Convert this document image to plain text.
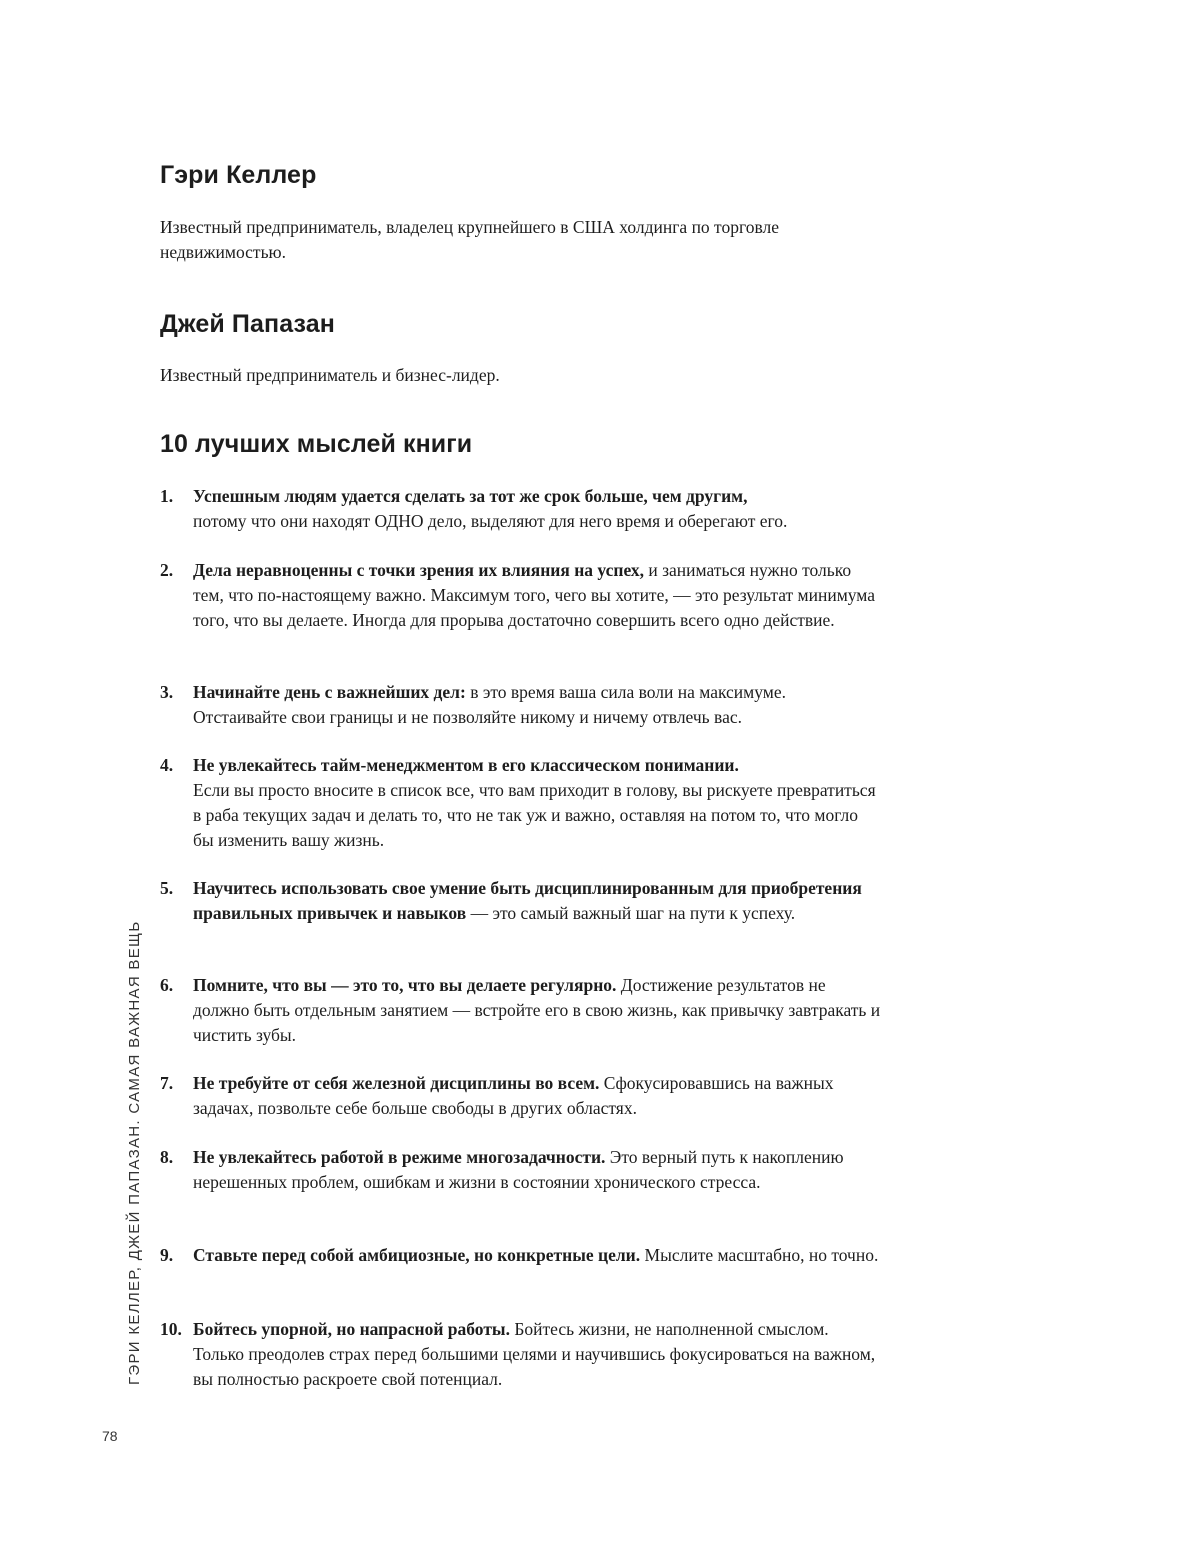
Гэри Келлер

Известный предприниматель, владелец крупнейшего в США холдинга по торговле недвижимостью.

Джей Папазан

Известный предприниматель и бизнес-лидер.

10 лучших мыслей книги
1. Успешным людям удается сделать за тот же срок больше, чем другим,
потому что они находят ОДНО дело, выделяют для него время и оберегают его.
2. Дела неравноценны с точки зрения их влияния на успех, и заниматься нужно только тем, что по-настоящему важно. Максимум того, чего вы хотите, — это результат минимума того, что вы делаете. Иногда для прорыва достаточно совершить всего одно действие.
3. Начинайте день с важнейших дел: в это время ваша сила воли на максимуме. Отстаивайте свои границы и не позволяйте никому и ничему отвлечь вас.
4. Не увлекайтесь тайм-менеджментом в его классическом понимании.
Если вы просто вносите в список все, что вам приходит в голову, вы рискуете превратиться в раба текущих задач и делать то, что не так уж и важно, оставляя на потом то, что могло бы изменить вашу жизнь.
5. Научитесь использовать свое умение быть дисциплинированным для приобретения правильных привычек и навыков — это самый важный шаг на пути к успеху.
6. Помните, что вы — это то, что вы делаете регулярно. Достижение результатов не должно быть отдельным занятием — встройте его в свою жизнь, как привычку завтракать и чистить зубы.
7. Не требуйте от себя железной дисциплины во всем. Сфокусировавшись на важных задачах, позвольте себе больше свободы в других областях.
8. Не увлекайтесь работой в режиме многозадачности. Это верный путь к накоплению нерешенных проблем, ошибкам и жизни в состоянии хронического стресса.
9. Ставьте перед собой амбициозные, но конкретные цели. Мыслите масштабно, но точно.
10. Бойтесь упорной, но напрасной работы. Бойтесь жизни, не наполненной смыслом. Только преодолев страх перед большими целями и научившись фокусироваться на важном, вы полностью раскроете свой потенциал.
ГЭРИ КЕЛЛЕР, ДЖЕЙ ПАПАЗАН. САМАЯ ВАЖНАЯ ВЕЩЬ
78
